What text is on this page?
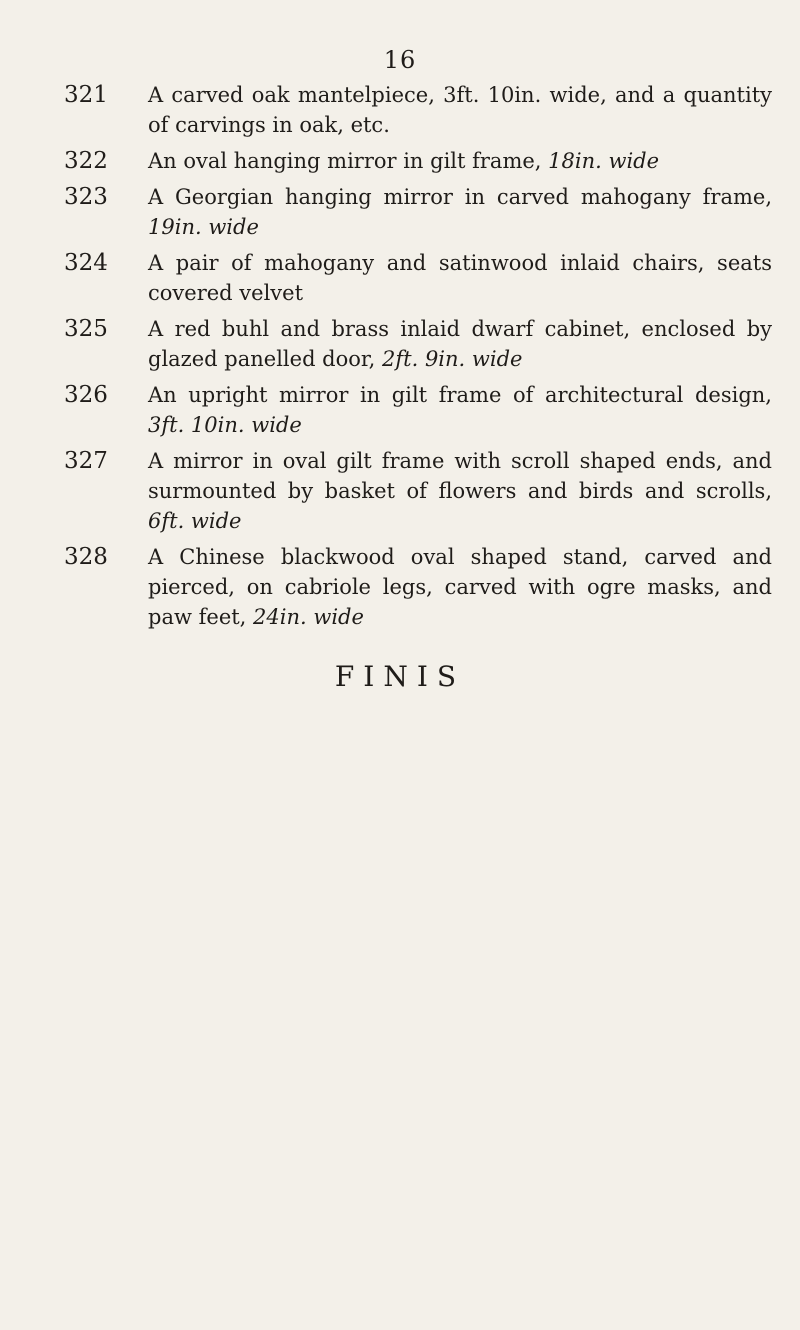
16
321	A carved oak mantelpiece, 3ft. 10in. wide, and a quantity of carvings in oak, etc.
322	An oval hanging mirror in gilt frame, 18in. wide
323	A Georgian hanging mirror in carved mahogany frame, 19in. wide
324	A pair of mahogany and satinwood inlaid chairs, seats covered velvet
325	A red buhl and brass inlaid dwarf cabinet, enclosed by glazed panelled door, 2ft. 9in. wide
326	An upright mirror in gilt frame of architectural design, 3ft. 10in. wide
327	A mirror in oval gilt frame with scroll shaped ends, and surmounted by basket of flowers and birds and scrolls, 6ft. wide
328	A Chinese blackwood oval shaped stand, carved and pierced, on cabriole legs, carved with ogre masks, and paw feet, 24in. wide
FINIS
